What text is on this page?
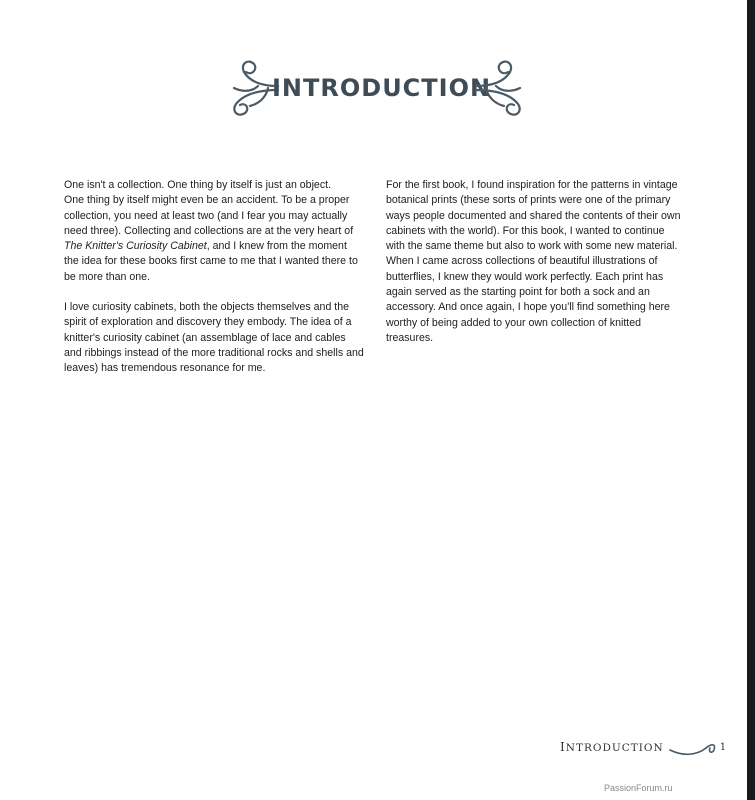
INTRODUCTION

One isn't a collection. One thing by itself is just an object.
One thing by itself might even be an accident. To be a proper collection, you need at least two (and I fear you may actually need three). Collecting and collections are at the very heart of The Knitter's Curiosity Cabinet, and I knew from the moment the idea for these books first came to me that I wanted there to be more than one.

I love curiosity cabinets, both the objects themselves and the spirit of exploration and discovery they embody. The idea of a knitter's curiosity cabinet (an assemblage of lace and cables and ribbings instead of the more traditional rocks and shells and leaves) has tremendous resonance for me.

For the first book, I found inspiration for the patterns in vintage botanical prints (these sorts of prints were one of the primary ways people documented and shared the contents of their own cabinets with the world). For this book, I wanted to continue with the same theme but also to work with some new material. When I came across collections of beautiful illustrations of butterflies, I knew they would work perfectly. Each print has again served as the starting point for both a sock and an accessory. And once again, I hope you'll find something here worthy of being added to your own collection of knitted treasures.

INTRODUCTION	1
PassionForum.ru
